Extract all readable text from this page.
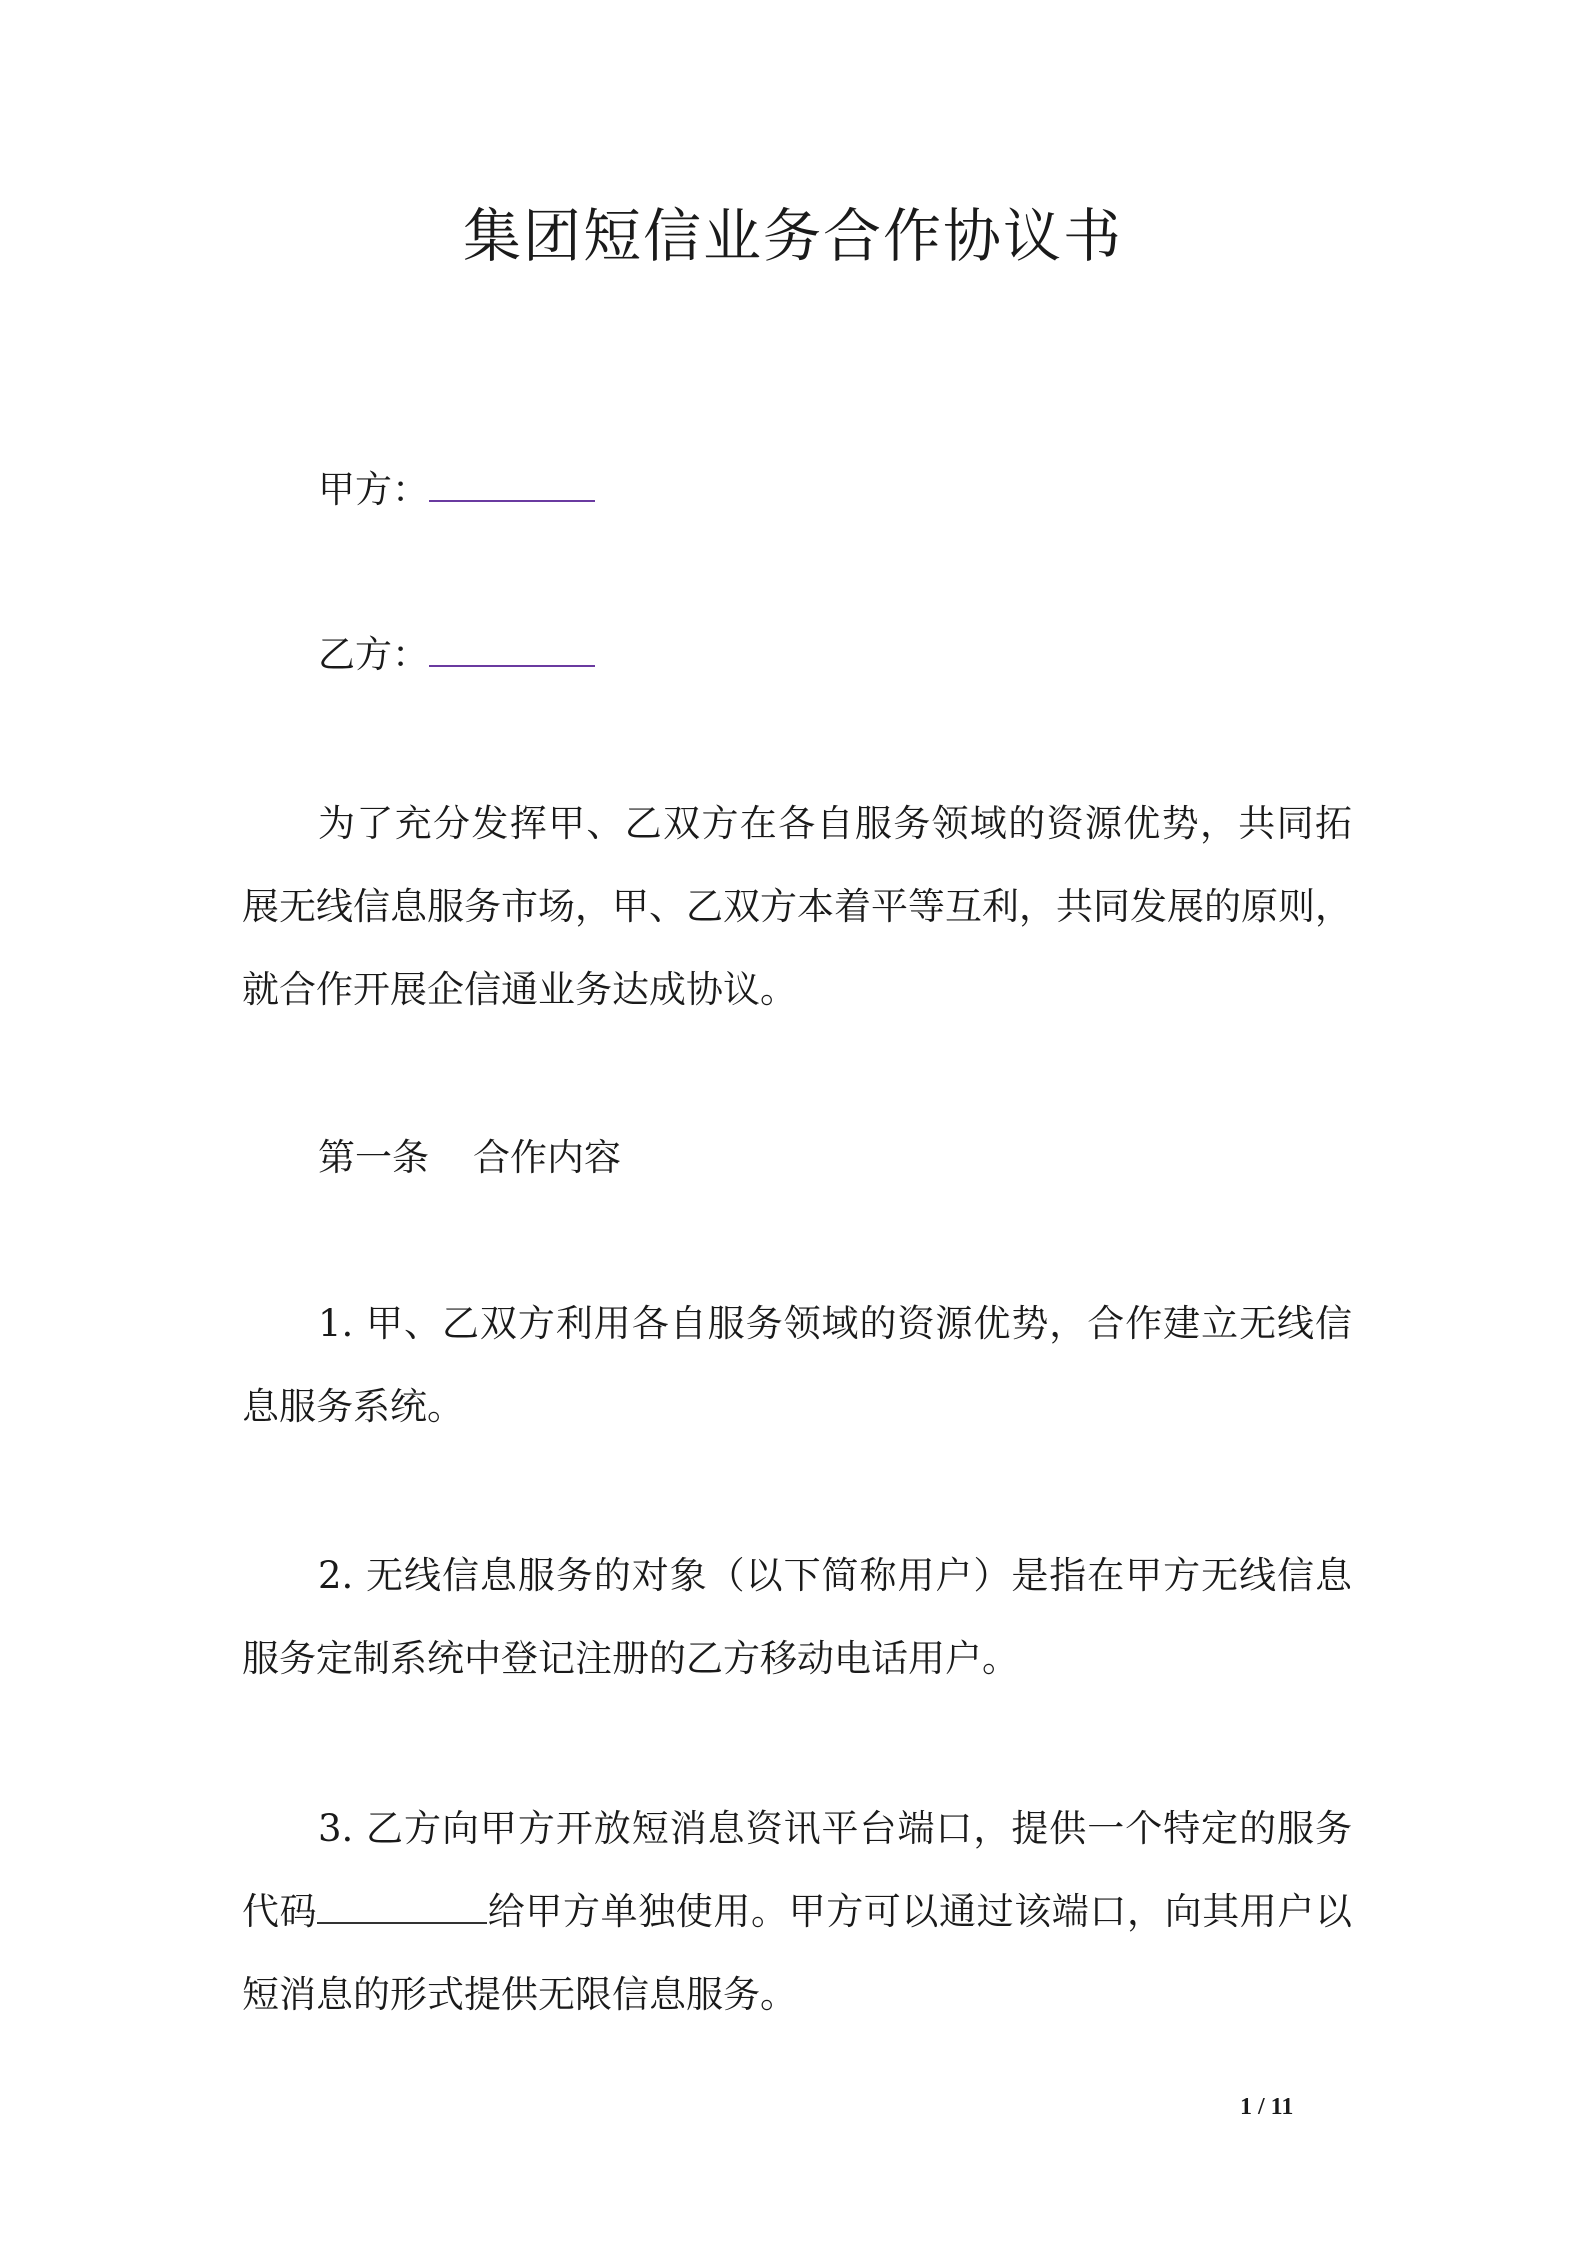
集团短信业务合作协议书
甲方：
乙方：

为了充分发挥甲、乙双方在各自服务领域的资源优势，共同拓展无线信息服务市场，甲、乙双方本着平等互利，共同发展的原则，就合作开展企信通业务达成协议。

第一条 合作内容

1. 甲、乙双方利用各自服务领域的资源优势，合作建立无线信息服务系统。

2. 无线信息服务的对象（以下简称用户）是指在甲方无线信息服务定制系统中登记注册的乙方移动电话用户。

3. 乙方向甲方开放短消息资讯平台端口，提供一个特定的服务代码	给甲方单独使用。甲方可以通过该端口，向其用户以短消息的形式提供无限信息服务。

1 / 11
